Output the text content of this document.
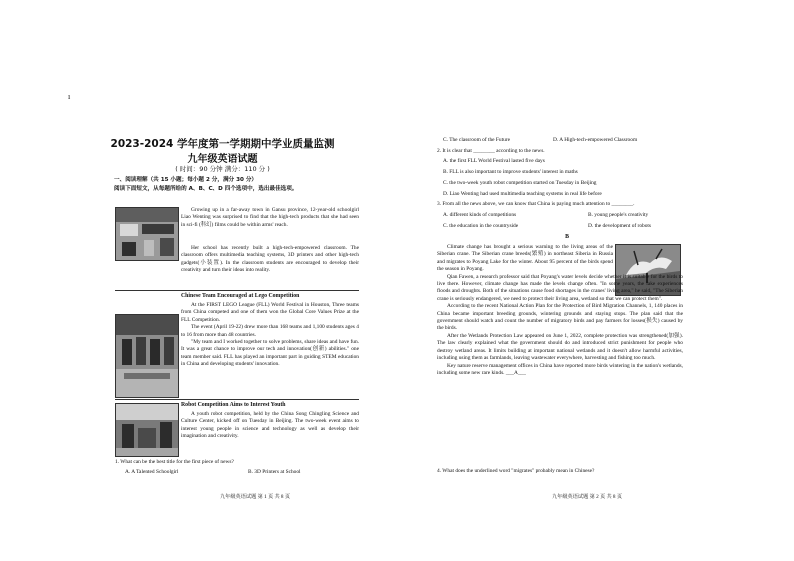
ı
2023-2024 学年度第一学期期中学业质量监测
九年级英语试题
( 时间：90 分钟 满分：110 分 )
一、阅读理解（共 15 小题；每小题 2 分，满分 30 分）
阅读下面短文，从每题所给的 A、B、C、D 四个选项中，选出最佳选项。
Growing up in a far-away town in Gansu province, 12-year-old schoolgirl Liao Wenting was surprised to find that the high-tech products that she had seen in sci-fi (科幻) films could be within arms' reach.
Her school has recently built a high-tech-empowered classroom. The classroom offers multimedia teaching systems, 3D printers and other high-tech gadgets(小装置). In the classroom students are encouraged to develop their creativity and turn their ideas into reality.
Chinese Team Encouraged at Lego Competition
At the FIRST LEGO League (FLL) World Festival in Houston, Three teams from China competed and one of them won the Global Core Values Prize at the FLL Competition.
The event (April 19-22) drew more than 168 teams and 1,100 students ages 4 to 16 from more than 48 countries.
"My team and I worked together to solve problems, share ideas and have fun. It was a great chance to improve our tech and innovation(创新) abilities." one team member said. FLL has played an important part in guiding STEM education in China and developing students' innovation.
Robot Competition Aims to Interest Youth
A youth robot competition, held by the China Song Chingling Science and Culture Center, kicked off on Tuesday in Beijing. The two-week event aims to interest young people in science and technology as well as develop their imagination and creativity.
1. What can be the best title for the first piece of news?
A. A Talented Schoolgirl	B. 3D Printers at School
九年级英语试题 第 1 页 共 8 页
C. The classroom of the Future	D. A High-tech-empowered Classroom
2. It is clear that ________ according to the news.
A. the first FLL World Festival lasted five days
B. FLL is also important to improve students' interest in maths
C. the two-week youth robot competition started on Tuesday in Beijing
D. Liao Wenting had used multimedia teaching systems in real life before
3. From all the news above, we can know that China is paying much attention to ________.
A. different kinds of competitions	B. young people's creativity
C. the education in the countryside	D. the development of robots
B
Climate change has brought a serious warning to the living areas of the Siberian crane. The Siberian crane breeds(繁殖) in northeast Siberia in Russia and migrates to Poyang Lake for the winter. About 95 percent of the birds spend the season in Poyang.
Qian Fawen, a research professor said that Poyang's water levels decide whether it is suitable for the birds to live there. However, climate change has made the levels change often. "In some years, the lake experiences floods and droughts. Both of the situations cause food shortages in the cranes' living area," he said, "The Siberian crane is seriously endangered, we need to protect their living area, wetland so that we can protect them".
According to the recent National Action Plan for the Protection of Bird Migration Channels, 1, 140 places in China became important breeding grounds, wintering grounds and staying stops. The plan said that the government should watch and count the number of migratory birds and pay farmers for losses(损失) caused by the birds.
After the Wetlands Protection Law appeared on June 1, 2022, complete protection was strengthened(加强). The law clearly explained what the government should do and introduced strict punishment for people who destroy wetland areas. It limits building at important national wetlands and it doesn't allow harmful activities, including using them as farmlands, leaving wastewater everywhere, harvesting and fishing too much.
Key nature reserve management offices in China have reported more birds wintering in the nation's wetlands, including some new rare kinds. ___A___
4. What does the underlined word "migrates" probably mean in Chinese?
九年级英语试题 第 2 页 共 8 页
